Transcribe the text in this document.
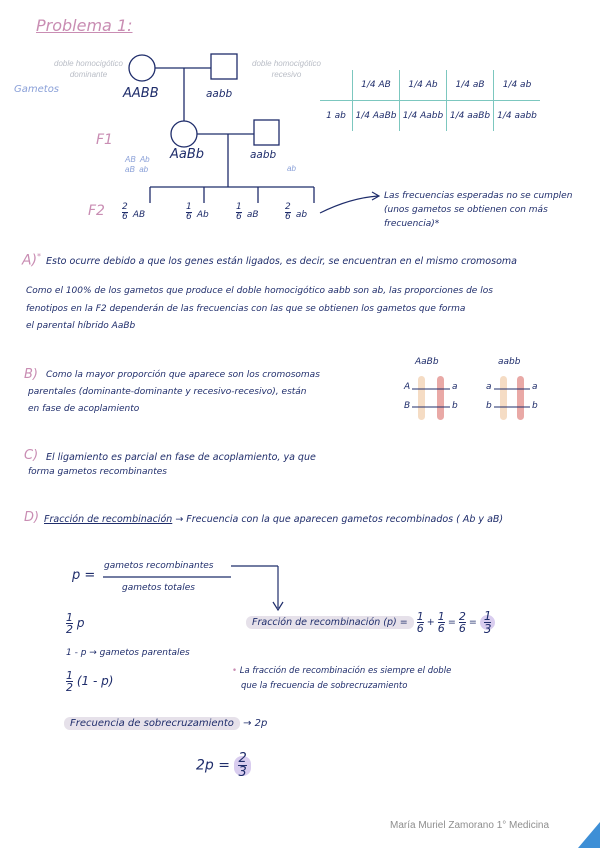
Problema 1:
doble homocigótico dominante
doble homocigótico recesivo
Gametos	AABB	aabb
F1
AaBb	aabb
AB  Ab
aB  ab	ab
$F2 \frac{2}{6}$ AB	$\frac{1}{6}$ Ab	$\frac{1}{6}$ aB	$\frac{2}{6}$ ab
Las frecuencias esperadas no se cumplen (unos gametos se obtienen con más frecuencia)*
	1/4 AB	1/4 Ab	1/4 aB	1/4 ab
1 ab	1/4 AaBb	1/4 Aabb	1/4 aaBb	1/4 aabb
A)* Esto ocurre debido a que los genes están ligados, es decir, se encuentran en el mismo cromosoma
Como el 100% de los gametos que produce el doble homocigótico aabb son ab, las proporciones de los
fenotipos en la F2 dependerán de las frecuencias con las que se obtienen los gametos que forma
el parental híbrido AaBb
B) Como la mayor proporción que aparece son los cromosomas
parentales (dominante-dominante y recesivo-recesivo), están
en fase de acoplamiento
AaBb	aabb
A	a
B	b
a	a
b	b
C) El ligamiento es parcial en fase de acoplamiento, ya que
forma gametos recombinantes
D) Fracción de recombinación → Frecuencia con la que aparecen gametos recombinados ( Ab y aB)
p =
gametos recombinantes
gametos totales
$\frac{1}{2}$ p
1 - p → gametos parentales
$\frac{1}{2} (1 - p)$
Fracción de recombinación $(p) = \frac{1}{6} + \frac{1}{6} = \frac{2}{6} = \frac{1}{3}$
• La fracción de recombinación es siempre el doble
que la frecuencia de sobrecruzamiento
Frecuencia de sobrecruzamiento → 2p
$2p = \frac{2}{3}$
María Muriel Zamorano 1° Medicina
